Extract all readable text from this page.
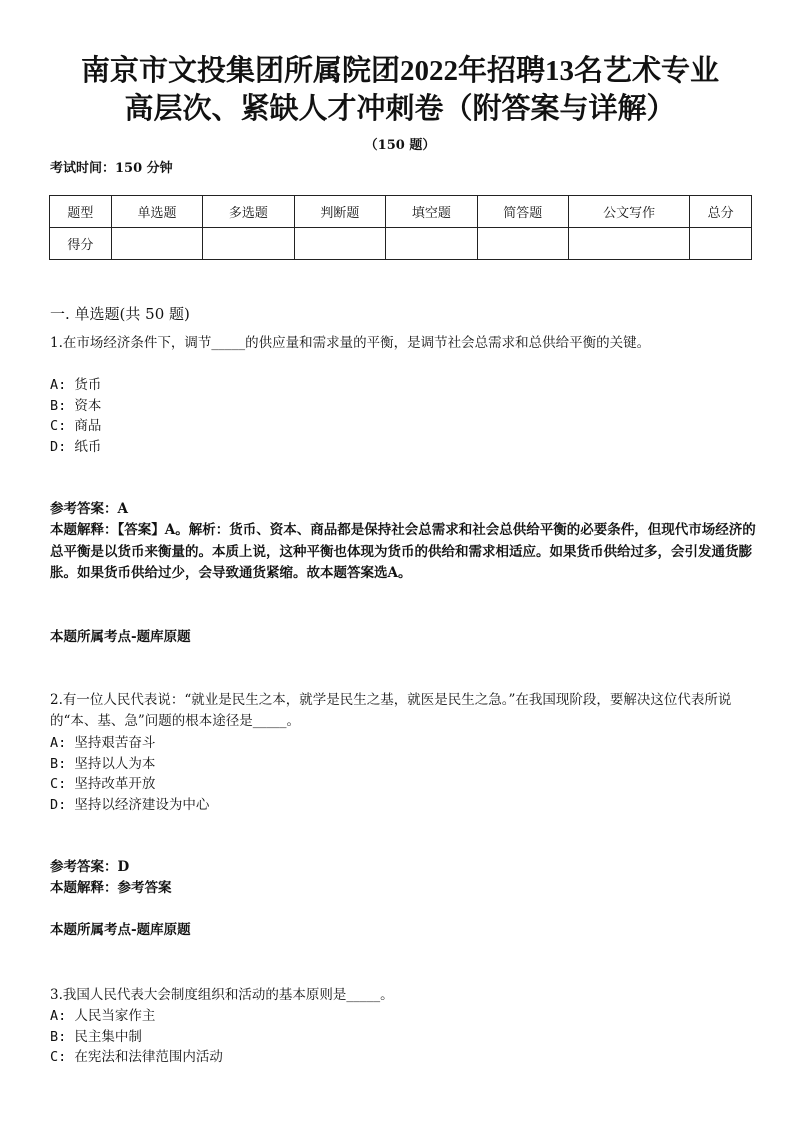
南京市文投集团所属院团2022年招聘13名艺术专业
高层次、紧缺人才冲刺卷（附答案与详解）
（150 题）
考试时间：150 分钟
题型	单选题	多选题	判断题	填空题	简答题	公文写作	总分
得分							
一. 单选题(共 50 题)
1.在市场经济条件下，调节_____的供应量和需求量的平衡，是调节社会总需求和总供给平衡的关键。
A: 货币
B: 资本
C: 商品
D: 纸币
参考答案：A
本题解释：【答案】A。解析：货币、资本、商品都是保持社会总需求和社会总供给平衡的必要条件，但现代市场经济的总平衡是以货币来衡量的。本质上说，这种平衡也体现为货币的供给和需求相适应。如果货币供给过多，会引发通货膨胀。如果货币供给过少，会导致通货紧缩。故本题答案选A。
本题所属考点-题库原题
2.有一位人民代表说：“就业是民生之本，就学是民生之基，就医是民生之急。”在我国现阶段，要解决这位代表所说的“本、基、急”问题的根本途径是_____。
A: 坚持艰苦奋斗
B: 坚持以人为本
C: 坚持改革开放
D: 坚持以经济建设为中心
参考答案：D
本题解释：参考答案
本题所属考点-题库原题
3.我国人民代表大会制度组织和活动的基本原则是_____。
A: 人民当家作主
B: 民主集中制
C: 在宪法和法律范围内活动
